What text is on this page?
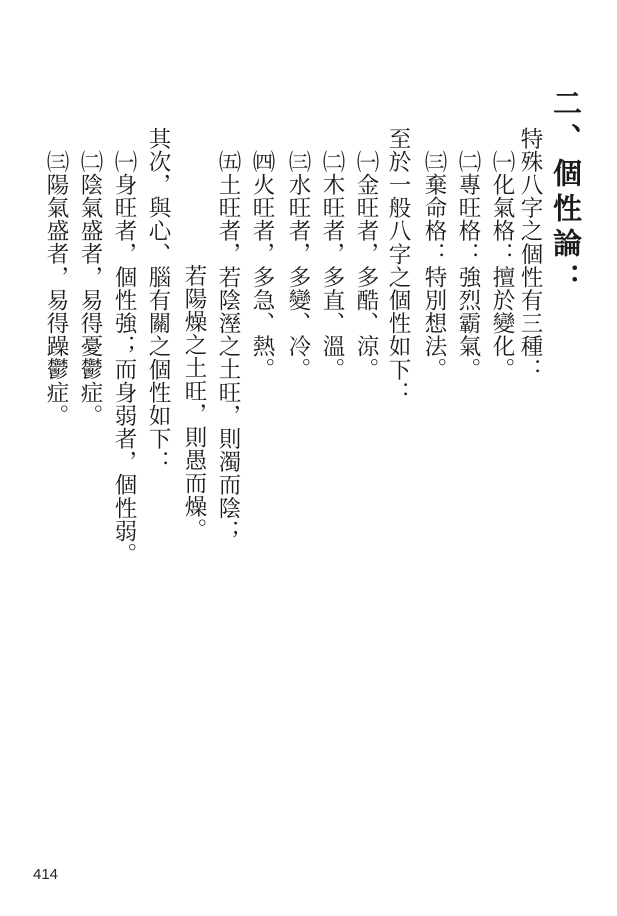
二、個性論：
特殊八字之個性有三種：
㈠化氣格：擅於變化。
㈡專旺格：強烈霸氣。
㈢棄命格：特別想法。
至於一般八字之個性如下：
㈠金旺者，多酷、涼。
㈡木旺者，多直、溫。
㈢水旺者，多變、冷。
㈣火旺者，多急、熱。
㈤土旺者，若陰溼之土旺，則濁而陰；
若陽燥之土旺，則愚而燥。
其次，與心、腦有關之個性如下：
㈠身旺者，個性強；而身弱者，個性弱。
㈡陰氣盛者，易得憂鬱症。
㈢陽氣盛者，易得躁鬱症。
414
